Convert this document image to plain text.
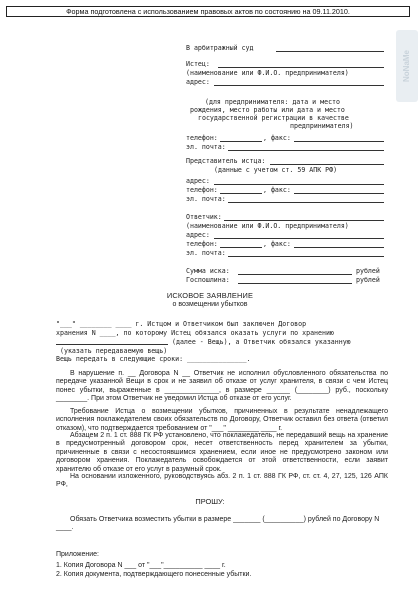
Форма подготовлена с использованием правовых актов по состоянию на 09.11.2010.
NoNaMe
В арбитражный суд
Истец:
(наименование или Ф.И.О. предпринимателя)
адрес:
(для предпринимателя: дата и место
рождения, место работы или дата и место
государственной регистрации в качестве
предпринимателя)
телефон:	, факс:
эл. почта:
Представитель истца:
(данные с учетом ст. 59 АПК РФ)
адрес:
телефон:	, факс:
эл. почта:
Ответчик:
(наименование или Ф.И.О. предпринимателя)
адрес:
телефон:	, факс:
эл. почта:
Сумма иска:	рублей
Госпошлина:	рублей
ИСКОВОЕ ЗАЯВЛЕНИЕ
о возмещении убытков
"___" ________ ____ г. Истцом и Ответчиком был заключен Договор
хранения N ____, по которому Истец обязался оказать услуги по хранению
(далее - Вещь), а Ответчик обязался указанную
(указать передаваемую вещь)
Вещь передать в следующие сроки: _______________.
В нарушение п. __ Договора N __ Ответчик не исполнил обусловленного обязательства по передаче указанной Вещи в срок и не заявил об отказе от услуг хранителя, в связи с чем Истец понес убытки, выраженные в ______________, в размере ______ (________) руб., поскольку ________. При этом Ответчик не уведомил Истца об отказе от его услуг.
Требование Истца о возмещении убытков, причиненных в результате ненадлежащего исполнения поклажедателем своих обязательств по Договору, Ответчик оставил без ответа (ответил отказом), что подтверждается требованием от "___" ________ ____ г.
Абзацем 2 п. 1 ст. 888 ГК РФ установлено, что поклажедатель, не передавший вещь на хранение в предусмотренный договором срок, несет ответственность перед хранителем за убытки, причиненные в связи с несостоявшимся хранением, если иное не предусмотрено законом или договором хранения. Поклажедатель освобождается от этой ответственности, если заявит хранителю об отказе от его услуг в разумный срок.
На основании изложенного, руководствуясь абз. 2 п. 1 ст. 888 ГК РФ, ст. ст. 4, 27, 125, 126 АПК РФ,
ПРОШУ:
Обязать Ответчика возместить убытки в размере _______ (__________) рублей по Договору N ____.
Приложение:
1. Копия Договора N ___ от "___"__________ ____ г.
2. Копия документа, подтверждающего понесенные убытки.
